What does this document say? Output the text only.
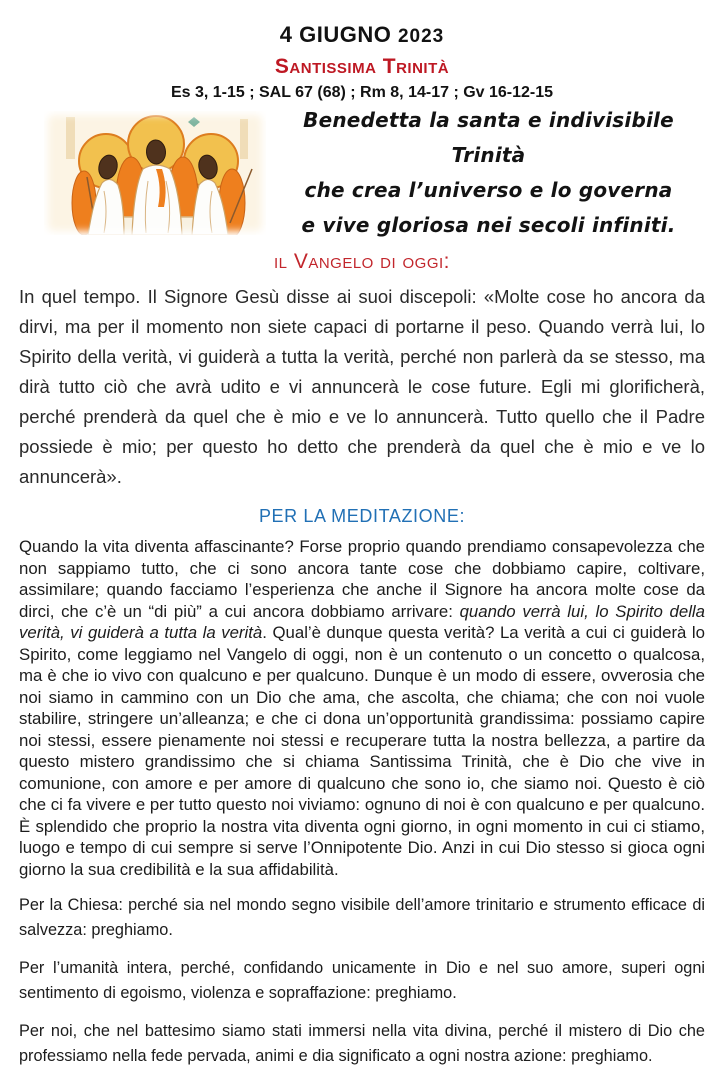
4 GIUGNO 2023
Santissima Trinità
Es 3, 1-15 ; SAL 67 (68) ; Rm 8, 14-17 ; Gv 16-12-15
Benedetta la santa e indivisibile Trinità
che crea l’universo e lo governa
e vive gloriosa nei secoli infiniti.
il Vangelo di oggi:

In quel tempo. Il Signore Gesù disse ai suoi discepoli: «Molte cose ho ancora da dirvi, ma per il momento non siete capaci di portarne il peso. Quando verrà lui, lo Spirito della verità, vi guiderà a tutta la verità, perché non parlerà da se stesso, ma dirà tutto ciò che avrà udito e vi annuncerà le cose future. Egli mi glorificherà, perché prenderà da quel che è mio e ve lo annuncerà. Tutto quello che il Padre possiede è mio; per questo ho detto che prenderà da quel che è mio e ve lo annuncerà».

PER LA MEDITAZIONE:

Quando la vita diventa affascinante? Forse proprio quando prendiamo consapevolezza che non sappiamo tutto, che ci sono ancora tante cose che dobbiamo capire, coltivare, assimilare; quando facciamo l’esperienza che anche il Signore ha ancora molte cose da dirci, che c’è un “di più” a cui ancora dobbiamo arrivare: quando verrà lui, lo Spirito della verità, vi guiderà a tutta la verità. Qual’è dunque questa verità? La verità a cui ci guiderà lo Spirito, come leggiamo nel Vangelo di oggi, non è un contenuto o un concetto o qualcosa, ma è che io vivo con qualcuno e per qualcuno. Dunque è un modo di essere, ovverosia che noi siamo in cammino con un Dio che ama, che ascolta, che chiama; che con noi vuole stabilire, stringere un’alleanza; e che ci dona un’opportunità grandissima: possiamo capire noi stessi, essere pienamente noi stessi e recuperare tutta la nostra bellezza, a partire da questo mistero grandissimo che si chiama Santissima Trinità, che è Dio che vive in comunione, con amore e per amore di qualcuno che sono io, che siamo noi. Questo è ciò che ci fa vivere e per tutto questo noi viviamo: ognuno di noi è con qualcuno e per qualcuno. È splendido che proprio la nostra vita diventa ogni giorno, in ogni momento in cui ci stiamo, luogo e tempo di cui sempre si serve l’Onnipotente Dio. Anzi in cui Dio stesso si gioca ogni giorno la sua credibilità e la sua affidabilità.

Per la Chiesa: perché sia nel mondo segno visibile dell’amore trinitario e strumento efficace di salvezza: preghiamo.

Per l’umanità intera, perché, confidando unicamente in Dio e nel suo amore, superi ogni sentimento di egoismo, violenza e sopraffazione: preghiamo.

Per noi, che nel battesimo siamo stati immersi nella vita divina, perché il mistero di Dio che professiamo nella fede pervada, animi e dia significato a ogni nostra azione: preghiamo.
